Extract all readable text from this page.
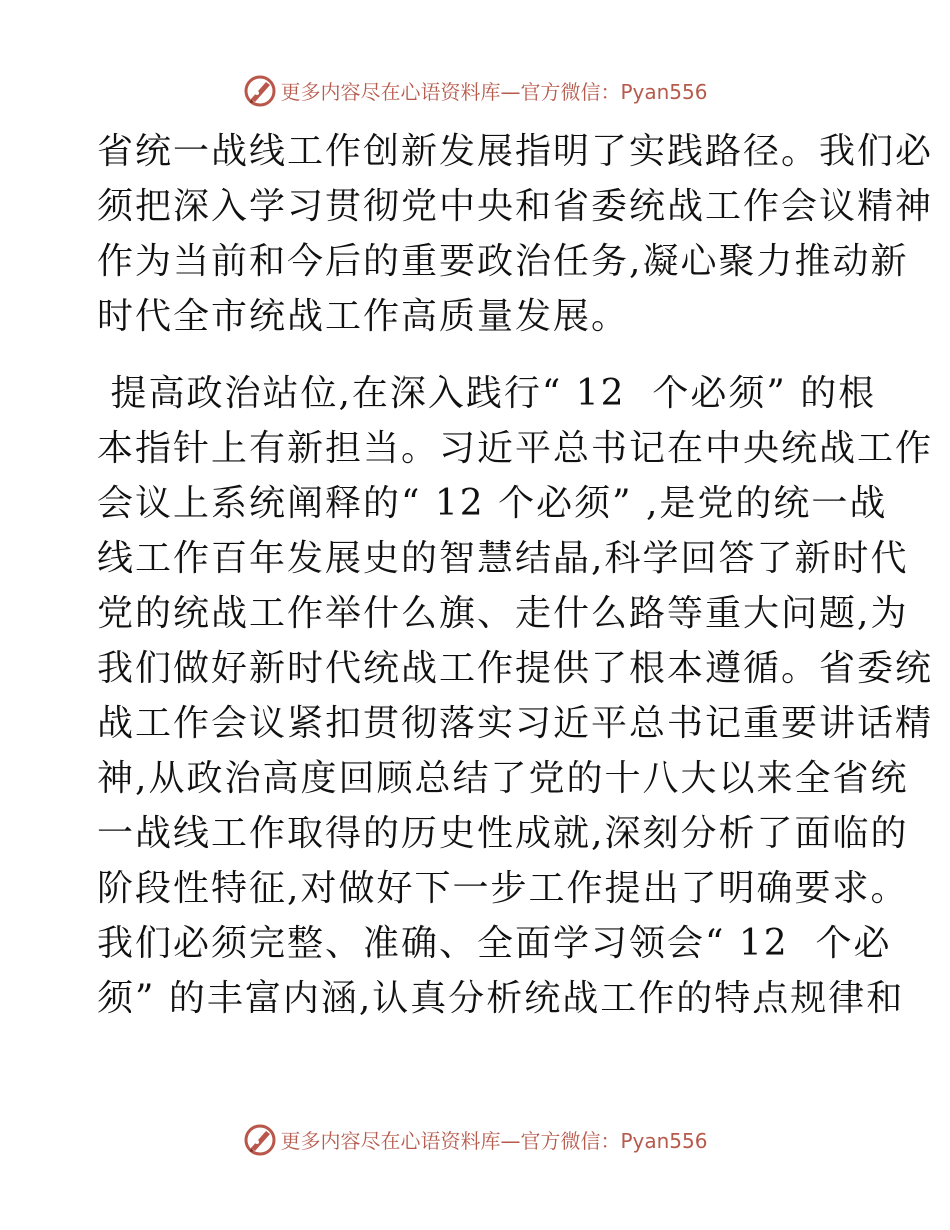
更多内容尽在心语资料库—官方微信：Pyan556
省统一战线工作创新发展指明了实践路径。我们必
须把深入学习贯彻党中央和省委统战工作会议精神
作为当前和今后的重要政治任务,凝心聚力推动新
时代全市统战工作高质量发展。
提高政治站位,在深入践行“ 12  个必须” 的根
本指针上有新担当。习近平总书记在中央统战工作
会议上系统阐释的“ 12 个必须” ,是党的统一战
线工作百年发展史的智慧结晶,科学回答了新时代
党的统战工作举什么旗、走什么路等重大问题,为
我们做好新时代统战工作提供了根本遵循。省委统
战工作会议紧扣贯彻落实习近平总书记重要讲话精
神,从政治高度回顾总结了党的十八大以来全省统
一战线工作取得的历史性成就,深刻分析了面临的
阶段性特征,对做好下一步工作提出了明确要求。
我们必须完整、准确、全面学习领会“ 12  个必
须” 的丰富内涵,认真分析统战工作的特点规律和
更多内容尽在心语资料库—官方微信：Pyan556
